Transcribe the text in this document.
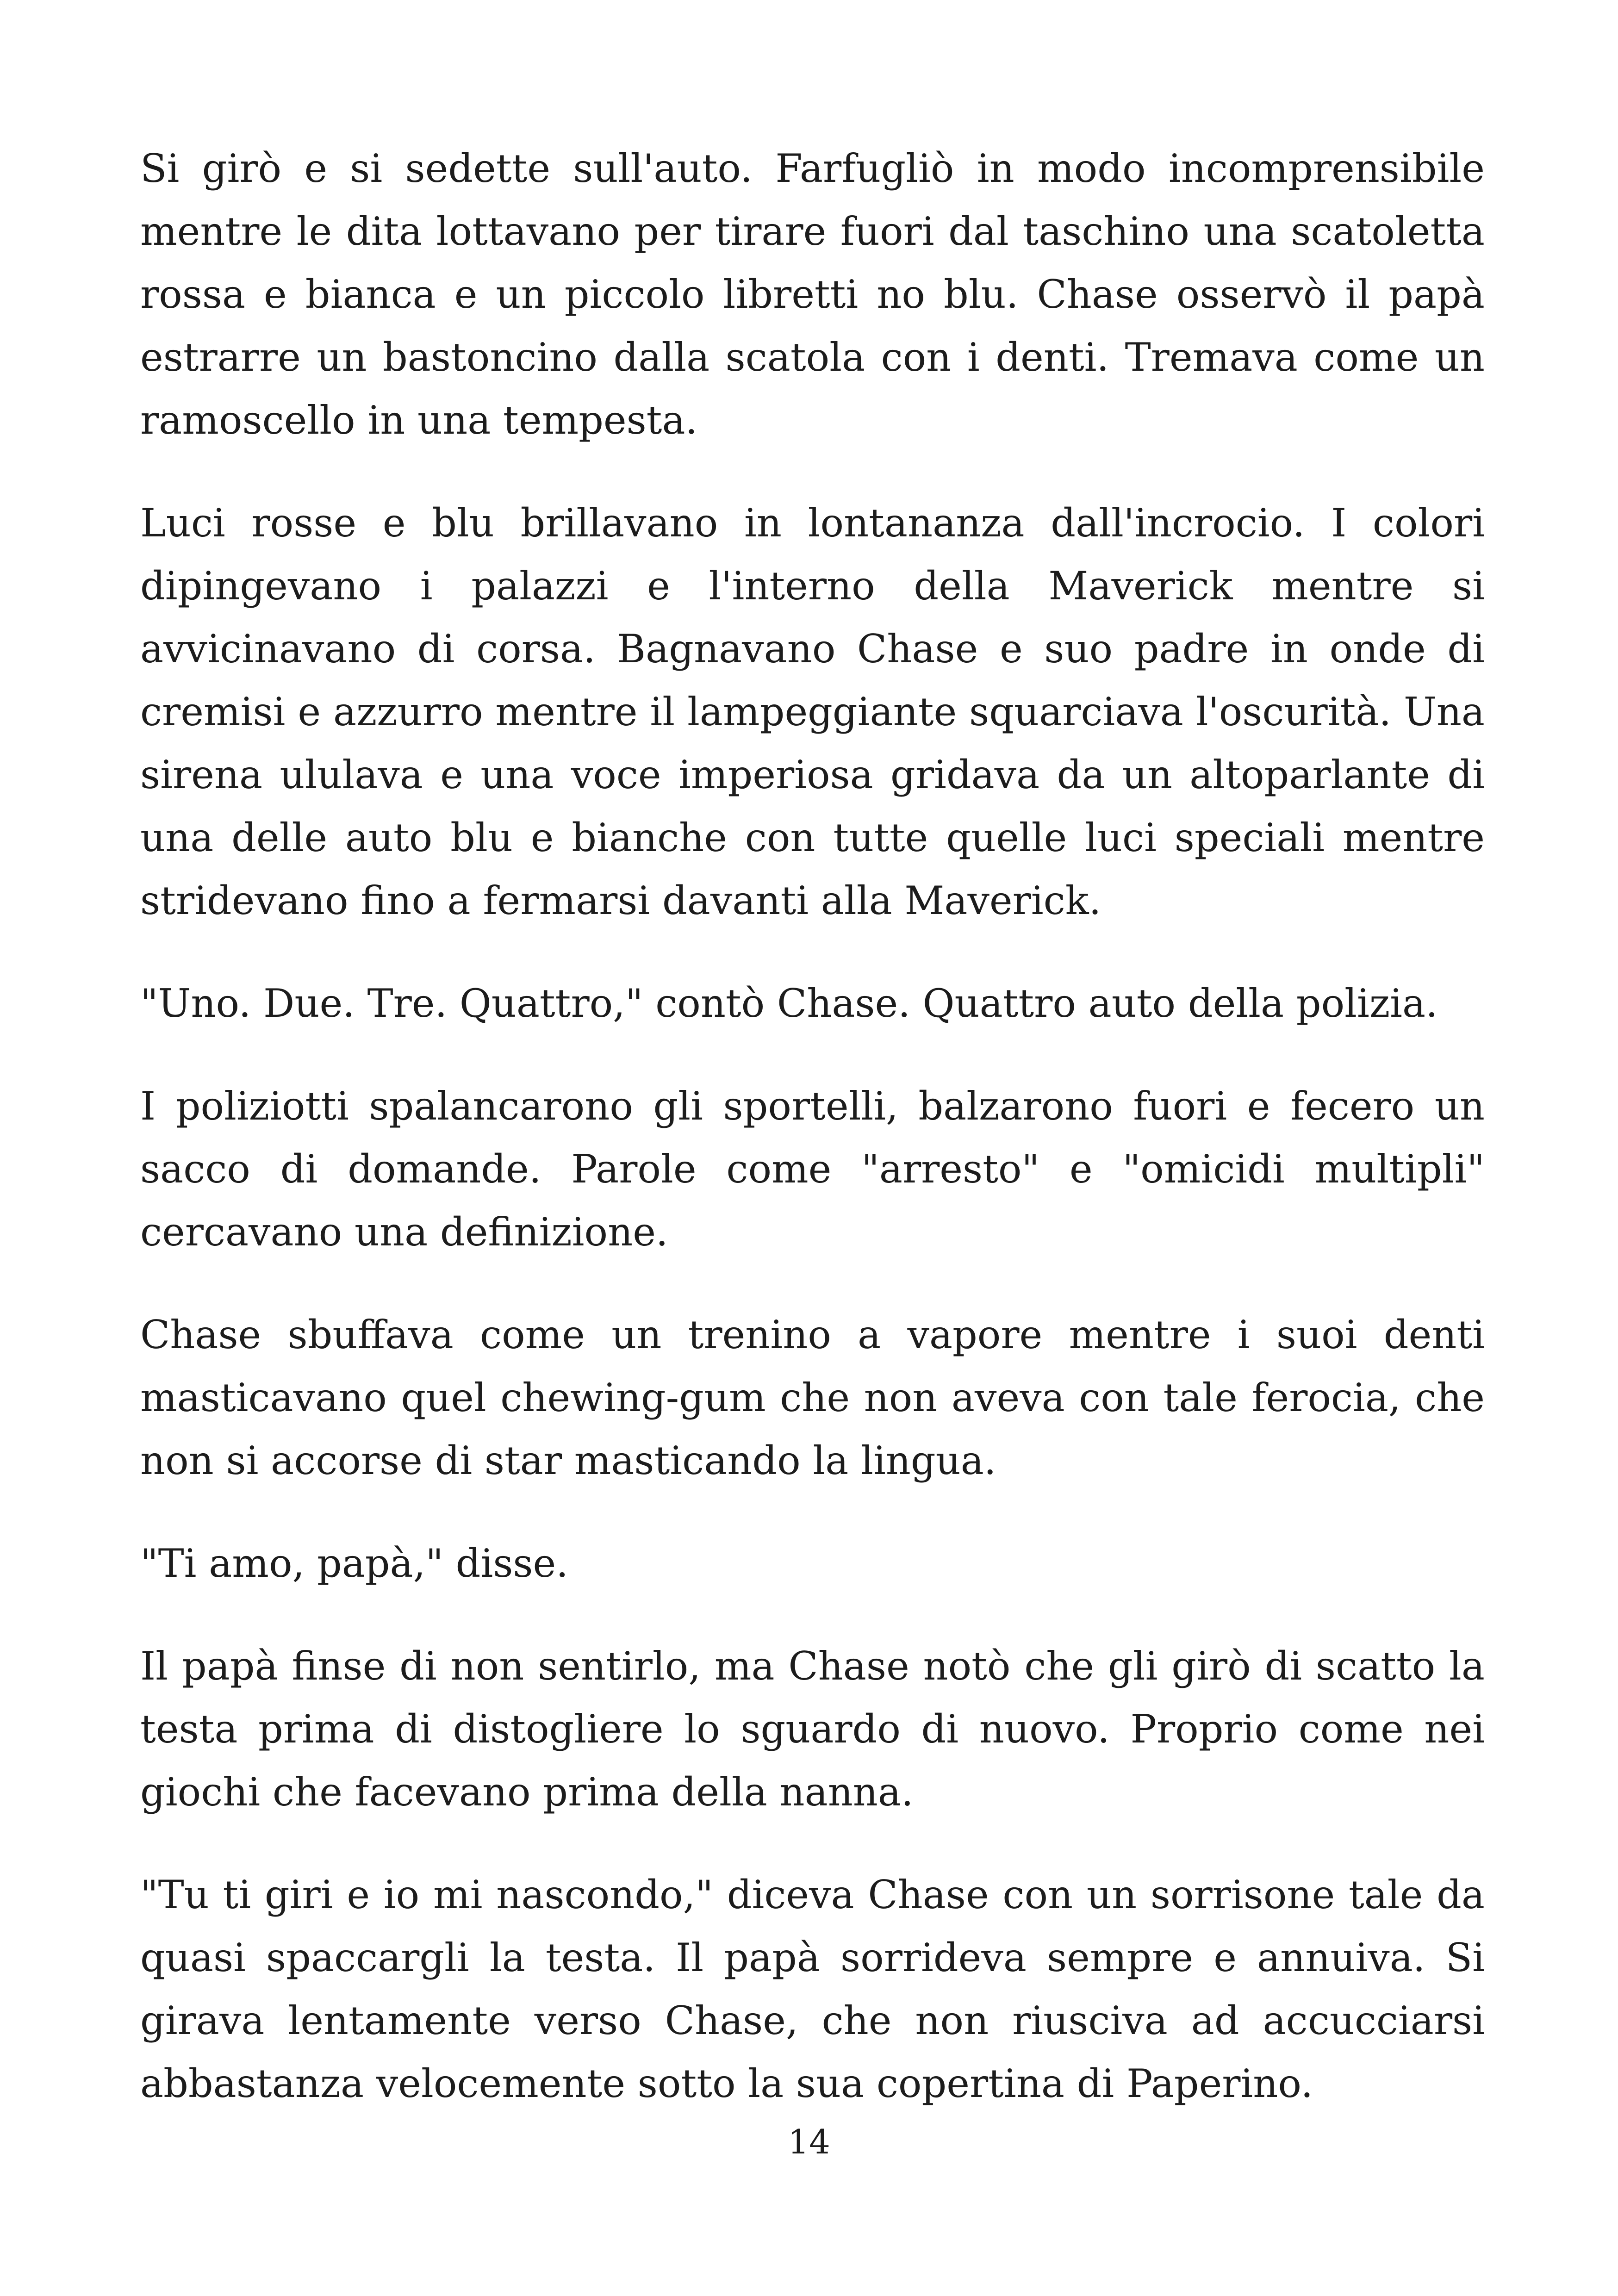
Si girò e si sedette sull'auto. Farfugliò in modo incomprensibile mentre le dita lottavano per tirare fuori dal taschino una scatoletta rossa e bianca e un piccolo libretti no blu. Chase osservò il papà estrarre un bastoncino dalla scatola con i denti. Tremava come un ramoscello in una tempesta.

Luci rosse e blu brillavano in lontananza dall'incrocio. I colori dipingevano i palazzi e l'interno della Maverick mentre si avvicinavano di corsa. Bagnavano Chase e suo padre in onde di cremisi e azzurro mentre il lampeggiante squarciava l'oscurità. Una sirena ululava e una voce imperiosa gridava da un altoparlante di una delle auto blu e bianche con tutte quelle luci speciali mentre stridevano fino a fermarsi davanti alla Maverick.

"Uno. Due. Tre. Quattro," contò Chase. Quattro auto della polizia.

I poliziotti spalancarono gli sportelli, balzarono fuori e fecero un sacco di domande. Parole come "arresto" e "omicidi multipli" cercavano una definizione.

Chase sbuffava come un trenino a vapore mentre i suoi denti masticavano quel chewing-gum che non aveva con tale ferocia, che non si accorse di star masticando la lingua.

"Ti amo, papà," disse.

Il papà finse di non sentirlo, ma Chase notò che gli girò di scatto la testa prima di distogliere lo sguardo di nuovo. Proprio come nei giochi che facevano prima della nanna.

"Tu ti giri e io mi nascondo," diceva Chase con un sorrisone tale da quasi spaccargli la testa. Il papà sorrideva sempre e annuiva. Si girava lentamente verso Chase, che non riusciva ad accucciarsi abbastanza velocemente sotto la sua copertina di Paperino.

14
